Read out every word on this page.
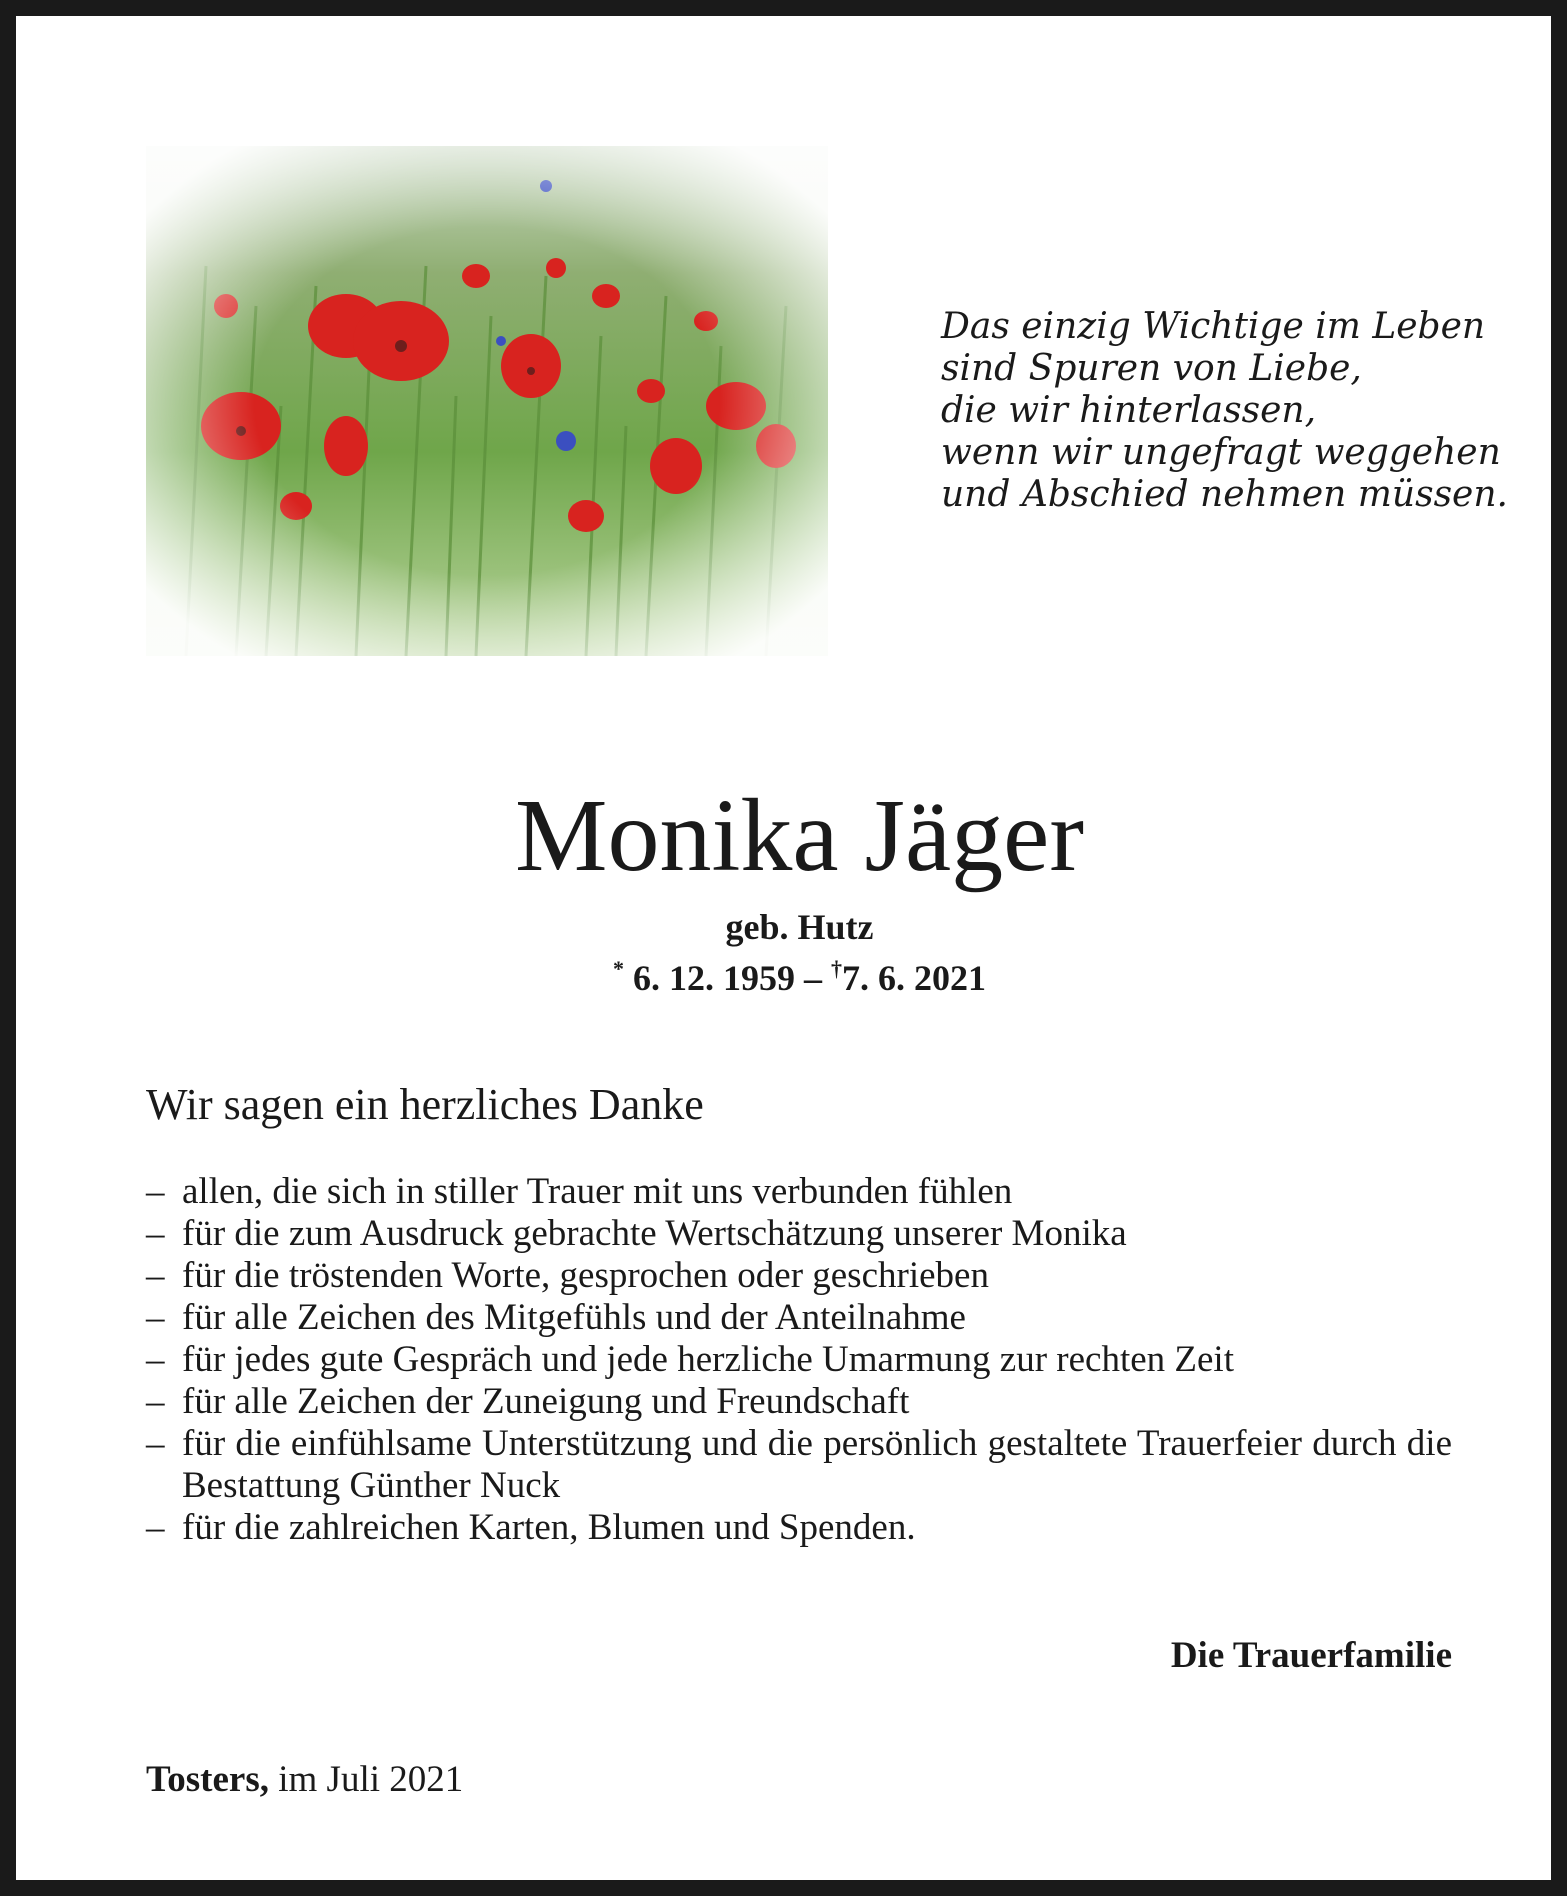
Das einzig Wichtige im Leben
sind Spuren von Liebe,
die wir hinterlassen,
wenn wir ungefragt weggehen
und Abschied nehmen müssen.
Monika Jäger
geb. Hutz
* 6. 12. 1959 – †7. 6. 2021
Wir sagen ein herzliches Danke
– allen, die sich in stiller Trauer mit uns verbunden fühlen
– für die zum Ausdruck gebrachte Wertschätzung unserer Monika
– für die tröstenden Worte, gesprochen oder geschrieben
– für alle Zeichen des Mitgefühls und der Anteilnahme
– für jedes gute Gespräch und jede herzliche Umarmung zur rechten Zeit
– für alle Zeichen der Zuneigung und Freundschaft
– für die einfühlsame Unterstützung und die persönlich gestaltete Trauerfeier durch die Bestattung Günther Nuck
– für die zahlreichen Karten, Blumen und Spenden.
Die Trauerfamilie
Tosters, im Juli 2021
